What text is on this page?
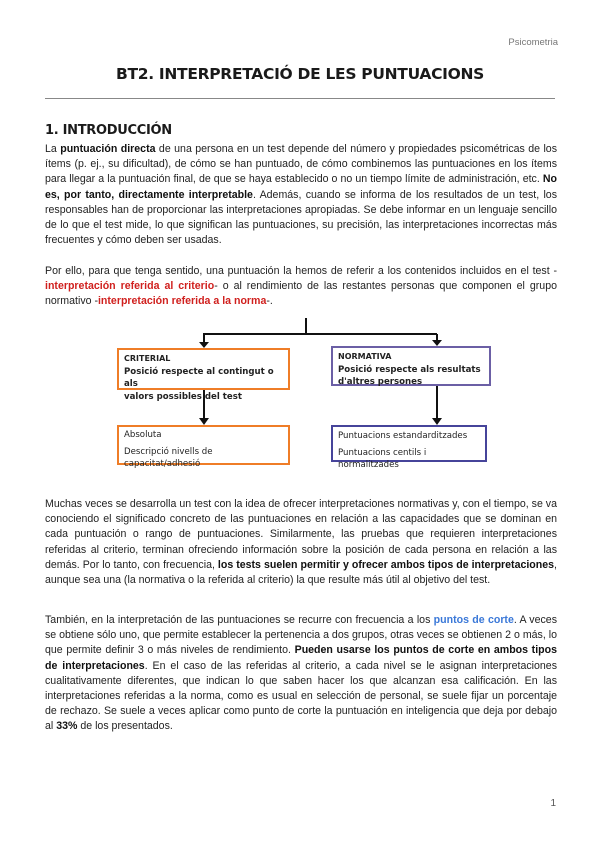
Psicometria
BT2. INTERPRETACIÓ DE LES PUNTUACIONS
1. INTRODUCCIÓN
La puntuación directa de una persona en un test depende del número y propiedades psicométricas de los ítems (p. ej., su dificultad), de cómo se han puntuado, de cómo combinemos las puntuaciones en los ítems para llegar a la puntuación final, de que se haya establecido o no un tiempo límite de administración, etc. No es, por tanto, directamente interpretable. Además, cuando se informa de los resultados de un test, los responsables han de proporcionar las interpretaciones apropiadas. Se debe informar en un lenguaje sencillo de lo que el test mide, lo que significan las puntuaciones, su precisión, las interpretaciones incorrectas más frecuentes y cómo deben ser usadas.
Por ello, para que tenga sentido, una puntuación la hemos de referir a los contenidos incluidos en el test -interpretación referida al criterio- o al rendimiento de las restantes personas que componen el grupo normativo -interpretación referida a la norma-.
CRITERIAL
Posició respecte al contingut o als
valors possibles del test
NORMATIVA
Posició respecte als resultats
d'altres persones
Absoluta
Descripció nivells de capacitat/adhesió
Puntuacions estandarditzades
Puntuacions centils i normalitzades
Muchas veces se desarrolla un test con la idea de ofrecer interpretaciones normativas y, con el tiempo, se va conociendo el significado concreto de las puntuaciones en relación a las capacidades que se dominan en cada puntuación o rango de puntuaciones. Similarmente, las pruebas que requieren interpretaciones referidas al criterio, terminan ofreciendo información sobre la posición de cada persona en relación a las demás. Por lo tanto, con frecuencia, los tests suelen permitir y ofrecer ambos tipos de interpretaciones, aunque sea una (la normativa o la referida al criterio) la que resulte más útil al objetivo del test.
También, en la interpretación de las puntuaciones se recurre con frecuencia a los puntos de corte. A veces se obtiene sólo uno, que permite establecer la pertenencia a dos grupos, otras veces se obtienen 2 o más, lo que permite definir 3 o más niveles de rendimiento. Pueden usarse los puntos de corte en ambos tipos de interpretaciones. En el caso de las referidas al criterio, a cada nivel se le asignan interpretaciones cualitativamente diferentes, que indican lo que saben hacer los que alcanzan esa calificación. En las interpretaciones referidas a la norma, como es usual en selección de personal, se suele fijar un porcentaje de rechazo. Se suele a veces aplicar como punto de corte la puntuación en inteligencia que deja por debajo al 33% de los presentados.
1
